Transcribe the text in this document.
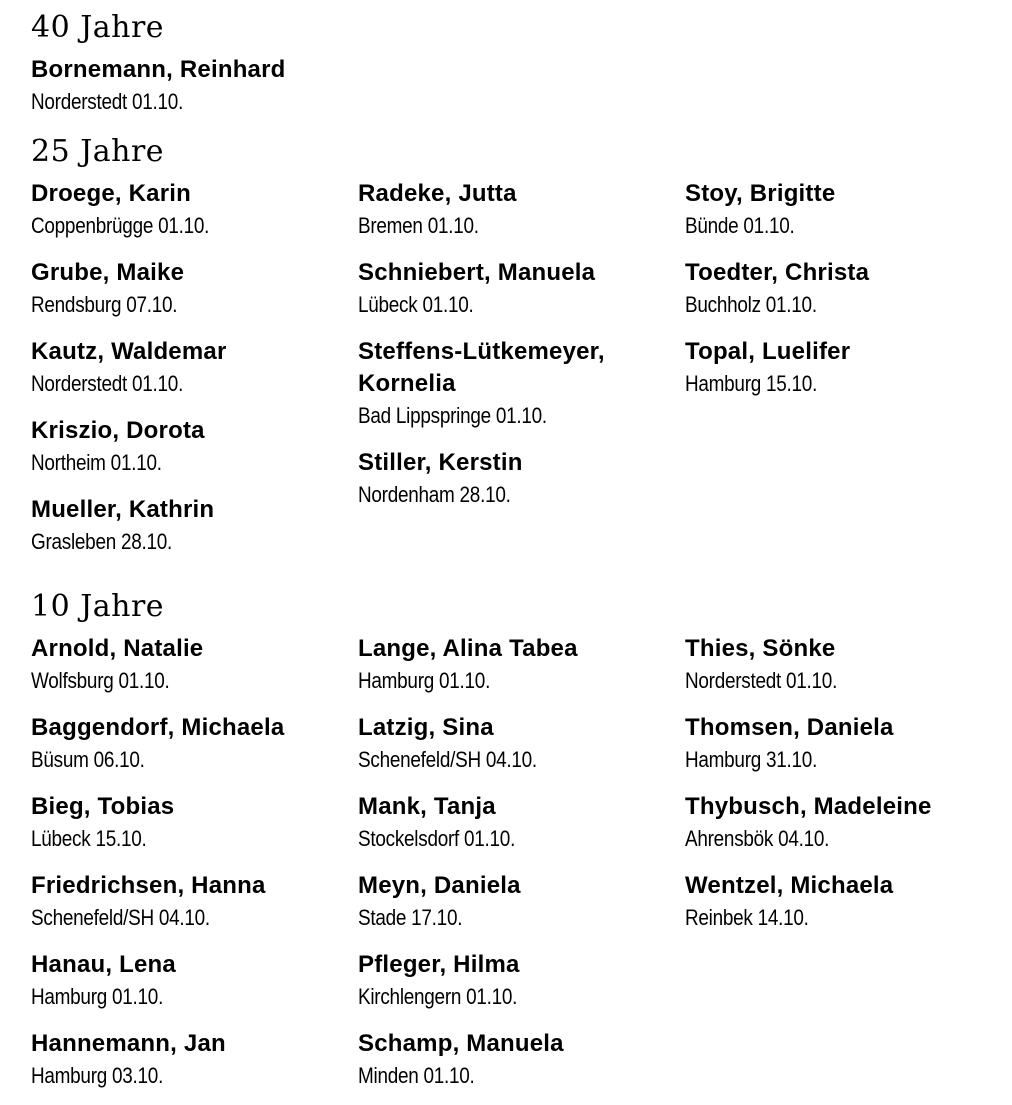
40 Jahre
Bornemann, Reinhard
Norderstedt 01.10.
25 Jahre
Droege, Karin
Coppenbrügge 01.10.
Grube, Maike
Rendsburg 07.10.
Kautz, Waldemar
Norderstedt 01.10.
Kriszio, Dorota
Northeim 01.10.
Mueller, Kathrin
Grasleben 28.10.
Radeke, Jutta
Bremen 01.10.
Schniebert, Manuela
Lübeck 01.10.
Steffens-Lütkemeyer, Kornelia
Bad Lippspringe 01.10.
Stiller, Kerstin
Nordenham 28.10.
Stoy, Brigitte
Bünde 01.10.
Toedter, Christa
Buchholz 01.10.
Topal, Luelifer
Hamburg 15.10.
10 Jahre
Arnold, Natalie
Wolfsburg 01.10.
Baggendorf, Michaela
Büsum 06.10.
Bieg, Tobias
Lübeck 15.10.
Friedrichsen, Hanna
Schenefeld/SH 04.10.
Hanau, Lena
Hamburg 01.10.
Hannemann, Jan
Hamburg 03.10.
Lange, Alina Tabea
Hamburg 01.10.
Latzig, Sina
Schenefeld/SH 04.10.
Mank, Tanja
Stockelsdorf 01.10.
Meyn, Daniela
Stade 17.10.
Pfleger, Hilma
Kirchlengern 01.10.
Schamp, Manuela
Minden 01.10.
Thies, Sönke
Norderstedt 01.10.
Thomsen, Daniela
Hamburg 31.10.
Thybusch, Madeleine
Ahrensbök 04.10.
Wentzel, Michaela
Reinbek 14.10.
